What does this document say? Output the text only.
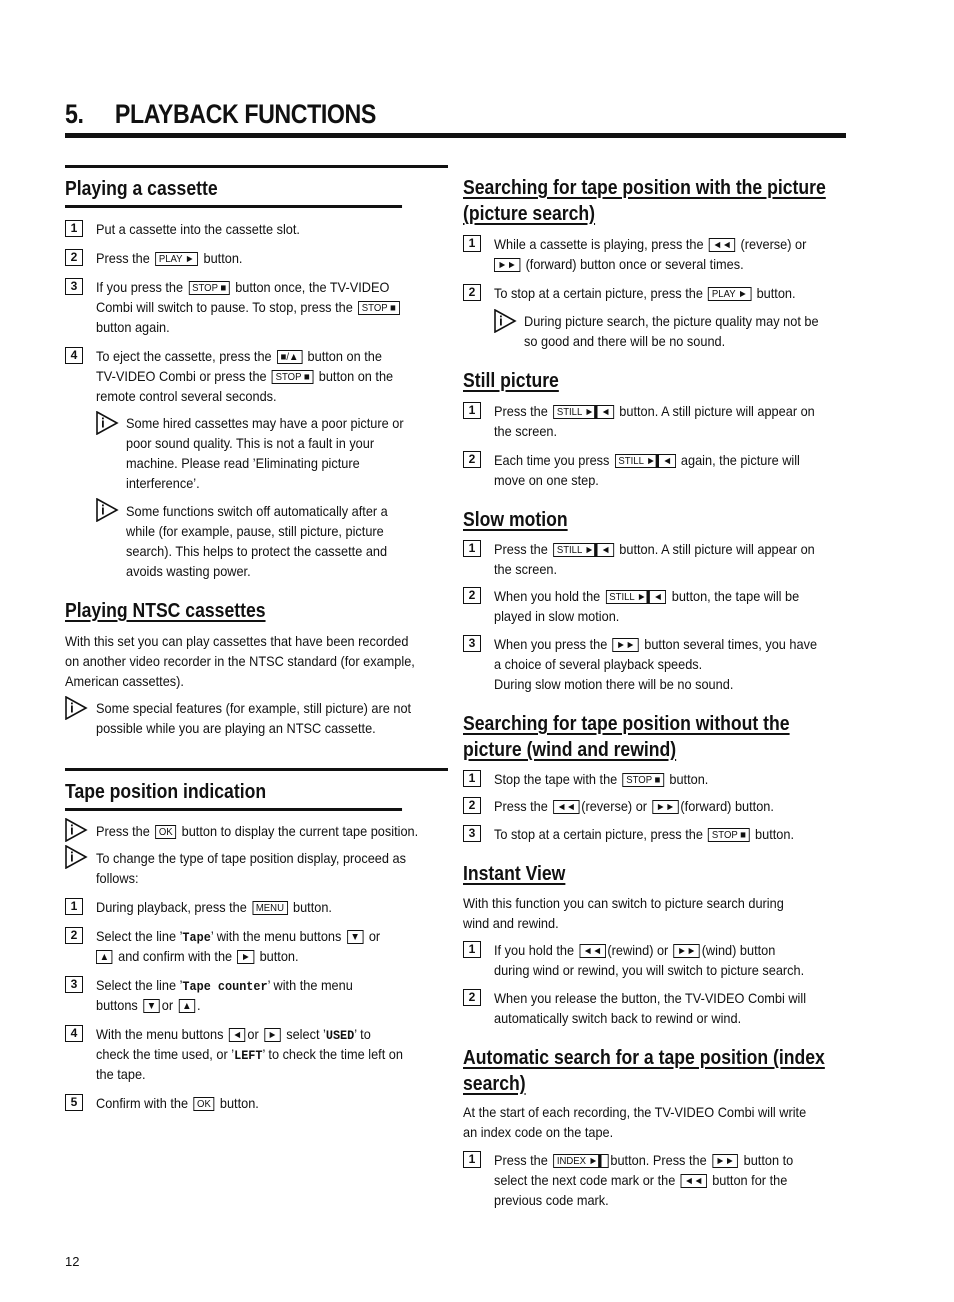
5. PLAYBACK FUNCTIONS
Playing a cassette
1	Put a cassette into the cassette slot.
2	Press the PLAY ► button.
3	If you press the STOP ■ button once, the TV-VIDEO
Combi will switch to pause. To stop, press the STOP ■
button again.
4	To eject the cassette, press the ■/▲ button on the
TV-VIDEO Combi or press the STOP ■ button on the
remote control several seconds.
Some hired cassettes may have a poor picture or
poor sound quality. This is not a fault in your
machine. Please read ’Eliminating picture
interference’.
Some functions switch off automatically after a
while (for example, pause, still picture, picture
search). This helps to protect the cassette and
avoids wasting power.
Playing NTSC cassettes
With this set you can play cassettes that have been recorded
on another video recorder in the NTSC standard (for example,
American cassettes).
Some special features (for example, still picture) are not
possible while you are playing an NTSC cassette.
Tape position indication
Press the OK button to display the current tape position.
To change the type of tape position display, proceed as
follows:
1	During playback, press the MENU button.
2	Select the line ’Tape’ with the menu buttons ▼ or
▲ and confirm with the ► button.
3	Select the line ’Tape counter’ with the menu
buttons ▼ or ▲ .
4	With the menu buttons ◄ or ► select ’USED’ to
check the time used, or ’LEFT’ to check the time left on
the tape.
5	Confirm with the OK button.
Searching for tape position with the picture (picture search)
1	While a cassette is playing, press the ◄◄ (reverse) or
►► (forward) button once or several times.
2	To stop at a certain picture, press the PLAY ► button.
During picture search, the picture quality may not be
so good and there will be no sound.
Still picture
1	Press the STILL ►▌◄ button. A still picture will appear on
the screen.
2	Each time you press STILL ►▌◄ again, the picture will
move on one step.
Slow motion
1	Press the STILL ►▌◄ button. A still picture will appear on
the screen.
2	When you hold the STILL ►▌◄ button, the tape will be
played in slow motion.
3	When you press the ►► button several times, you have
a choice of several playback speeds.
During slow motion there will be no sound.
Searching for tape position without the picture (wind and rewind)
1	Stop the tape with the STOP ■ button.
2	Press the ◄◄ (reverse) or ►► (forward) button.
3	To stop at a certain picture, press the STOP ■ button.
Instant View
With this function you can switch to picture search during
wind and rewind.
1	If you hold the ◄◄ (rewind) or ►► (wind) button
during wind or rewind, you will switch to picture search.
2	When you release the button, the TV-VIDEO Combi will
automatically switch back to rewind or wind.
Automatic search for a tape position (index search)
At the start of each recording, the TV-VIDEO Combi will write
an index code on the tape.
1	Press the INDEX ►▌ button. Press the ►► button to
select the next code mark or the ◄◄ button for the
previous code mark.
12
